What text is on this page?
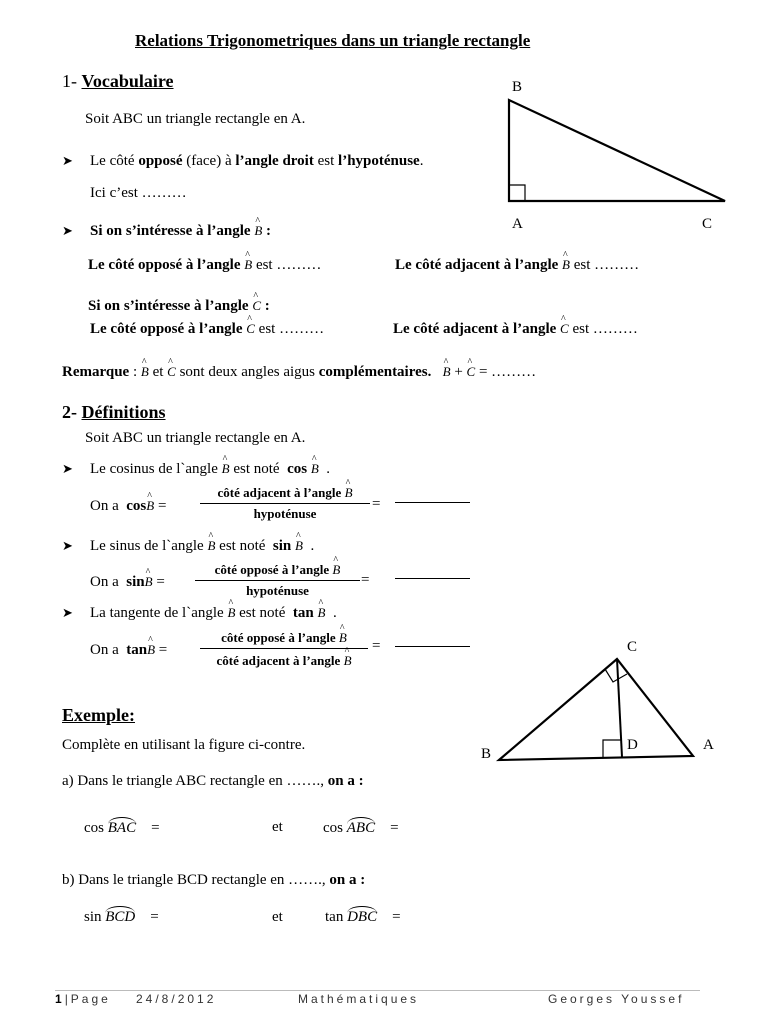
Relations Trigonometriques dans un triangle rectangle
1- Vocabulaire
Soit ABC un triangle rectangle en A.
➤ Le côté opposé (face) à l’angle droit est l’hypoténuse.
Ici c’est ………
➤ Si on s’intéresse à l’angle ^ B :
Le côté opposé à l’angle ^ B est ………	Le côté adjacent à l’angle ^ B est ………
Si on s’intéresse à l’angle ^ C :
Le côté opposé à l’angle ^ C est ………	Le côté adjacent à l’angle ^ C est ………
Remarque : ^ B et ^ C sont deux angles aigus complémentaires. ^ B + ^ C = ………
B
A	C
2- Définitions
Soit ABC un triangle rectangle en A.
➤ Le cosinus de l`angle ^ B est noté cos ^ B .
On a cos^ B =
côté adjacent à l’angle ^ B
hypoténuse
=
➤ Le sinus de l`angle ^ B est noté sin ^ B .
On a sin^ B =
côté opposé à l’angle ^ B
hypoténuse
=
➤ La tangente de l`angle ^ B est noté tan ^ B .
On a tan^ B =
côté opposé à l’angle ^ B
côté adjacent à l’angle ^ B
=
Exemple:
Complète en utilisant la figure ci-contre.
a) Dans le triangle ABC rectangle en ……., on a :
cos BAC =	et	cos ABC =
b) Dans le triangle BCD rectangle en ……., on a :
sin BCD =	et	tan DBC =
C
D	A
B
1|Page 24/8/2012	Mathématiques	Georges Youssef
